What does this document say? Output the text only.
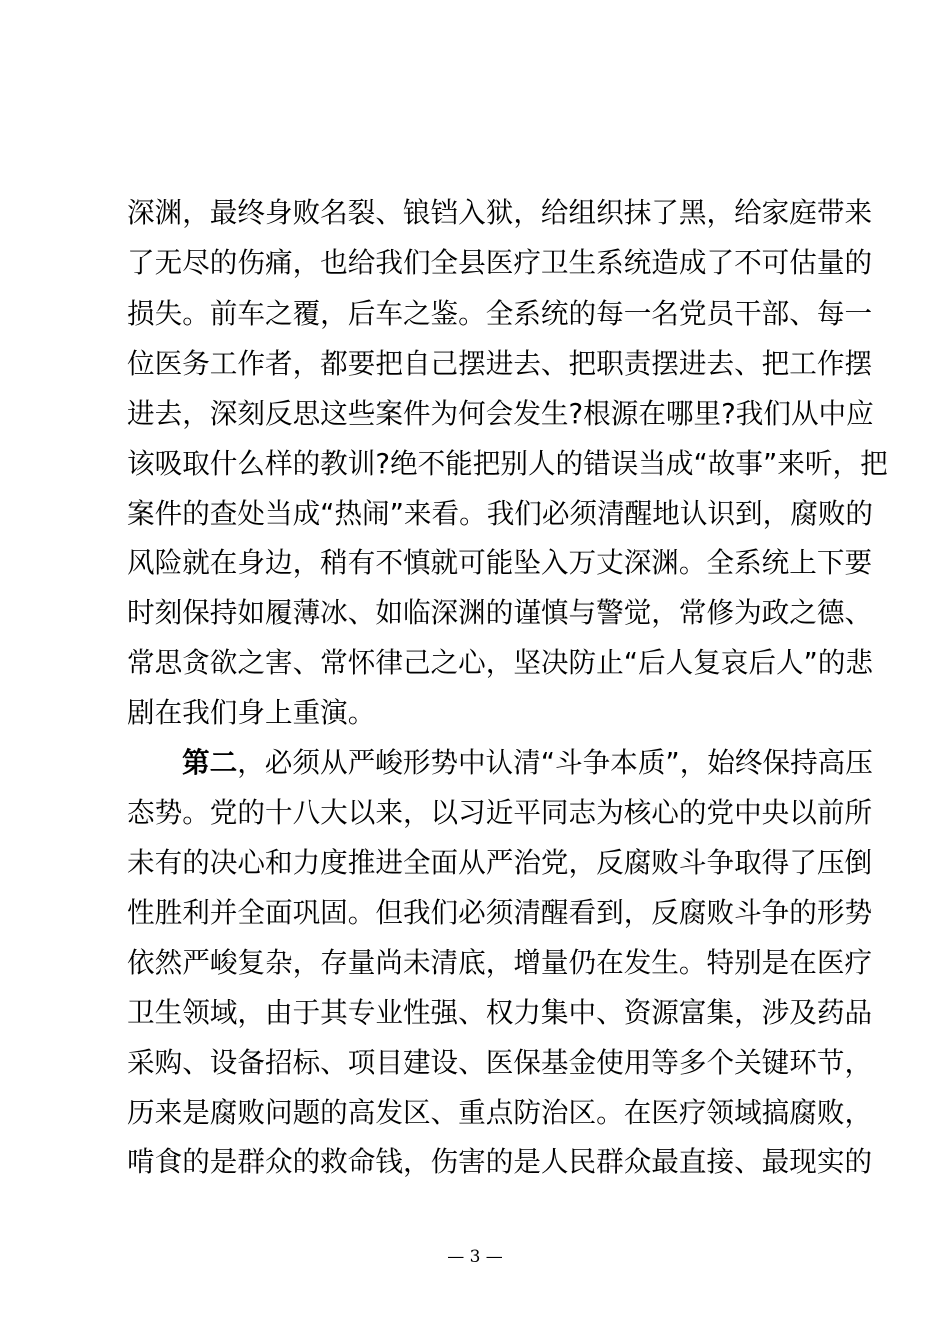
深渊，最终身败名裂、锒铛入狱，给组织抹了黑，给家庭带来
了无尽的伤痛，也给我们全县医疗卫生系统造成了不可估量的
损失。前车之覆，后车之鉴。全系统的每一名党员干部、每一
位医务工作者，都要把自己摆进去、把职责摆进去、把工作摆
进去，深刻反思这些案件为何会发生?根源在哪里?我们从中应
该吸取什么样的教训?绝不能把别人的错误当成“故事”来听，把
案件的查处当成“热闹”来看。我们必须清醒地认识到，腐败的
风险就在身边，稍有不慎就可能坠入万丈深渊。全系统上下要
时刻保持如履薄冰、如临深渊的谨慎与警觉，常修为政之德、
常思贪欲之害、常怀律己之心，坚决防止“后人复哀后人”的悲
剧在我们身上重演。
第二，必须从严峻形势中认清“斗争本质”，始终保持高压
态势。党的十八大以来，以习近平同志为核心的党中央以前所
未有的决心和力度推进全面从严治党，反腐败斗争取得了压倒
性胜利并全面巩固。但我们必须清醒看到，反腐败斗争的形势
依然严峻复杂，存量尚未清底，增量仍在发生。特别是在医疗
卫生领域，由于其专业性强、权力集中、资源富集，涉及药品
采购、设备招标、项目建设、医保基金使用等多个关键环节，
历来是腐败问题的高发区、重点防治区。在医疗领域搞腐败，
啃食的是群众的救命钱，伤害的是人民群众最直接、最现实的
— 3 —
